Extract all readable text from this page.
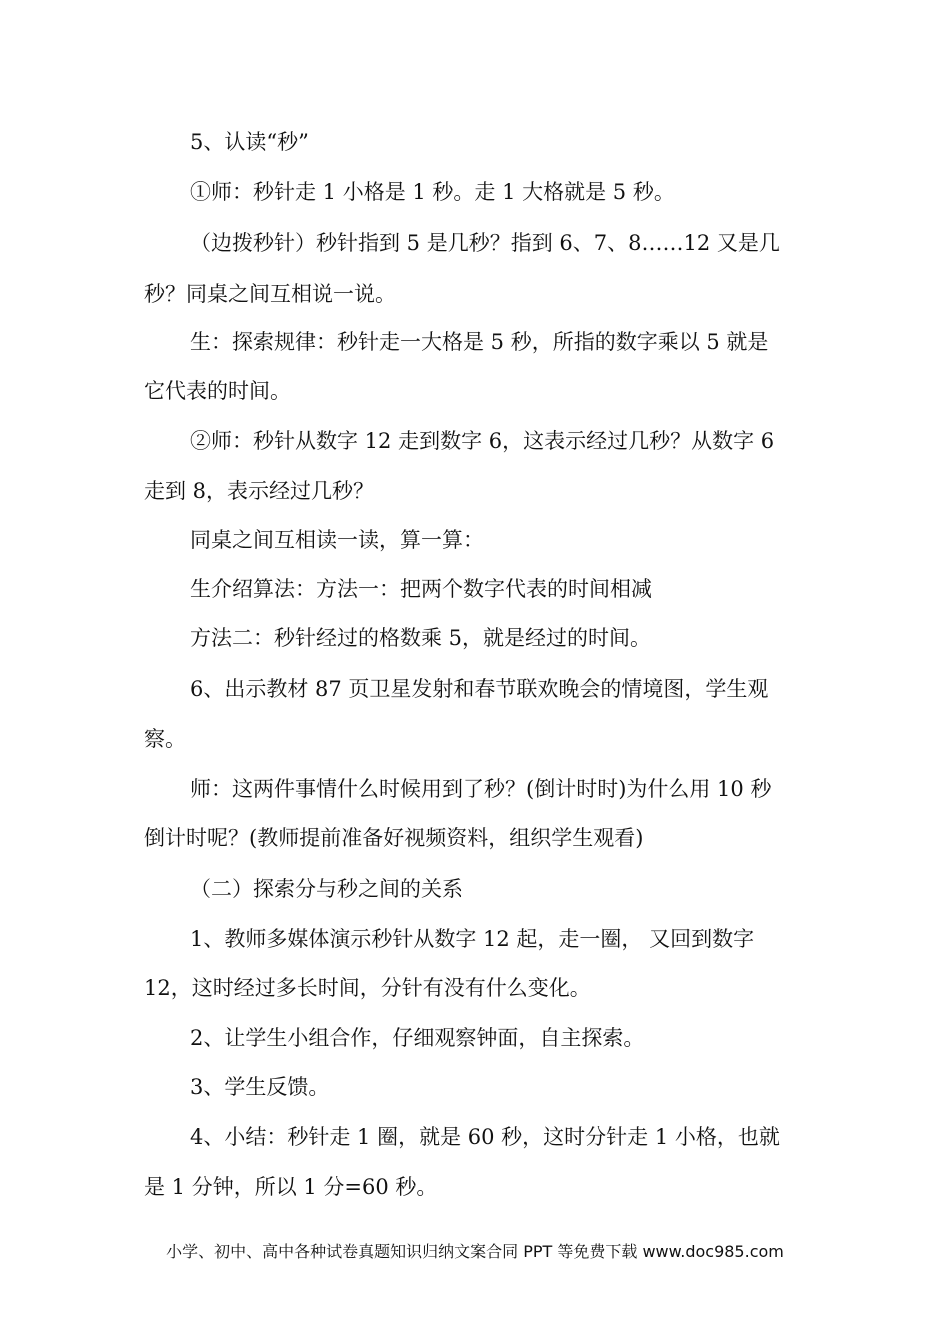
5、认读“秒”
①师：秒针走 1 小格是 1 秒。走 1 大格就是 5 秒。
（边拨秒针）秒针指到 5 是几秒？指到 6、7、8……12 又是几
秒？同桌之间互相说一说。
生：探索规律：秒针走一大格是 5 秒，所指的数字乘以 5 就是
它代表的时间。
②师：秒针从数字 12 走到数字 6，这表示经过几秒？从数字 6
走到 8，表示经过几秒？
同桌之间互相读一读，算一算：
生介绍算法：方法一：把两个数字代表的时间相减
方法二：秒针经过的格数乘 5，就是经过的时间。
6、出示教材 87 页卫星发射和春节联欢晚会的情境图，学生观
察。
师：这两件事情什么时候用到了秒？(倒计时时)为什么用 10 秒
倒计时呢？(教师提前准备好视频资料，组织学生观看)
（二）探索分与秒之间的关系
1、教师多媒体演示秒针从数字 12 起，走一圈， 又回到数字
12，这时经过多长时间，分针有没有什么变化。
2、让学生小组合作，仔细观察钟面，自主探索。
3、学生反馈。
4、小结：秒针走 1 圈，就是 60 秒，这时分针走 1 小格，也就
是 1 分钟，所以 1 分=60 秒。
小学、初中、高中各种试卷真题知识归纳文案合同 PPT 等免费下载 www.doc985.com
